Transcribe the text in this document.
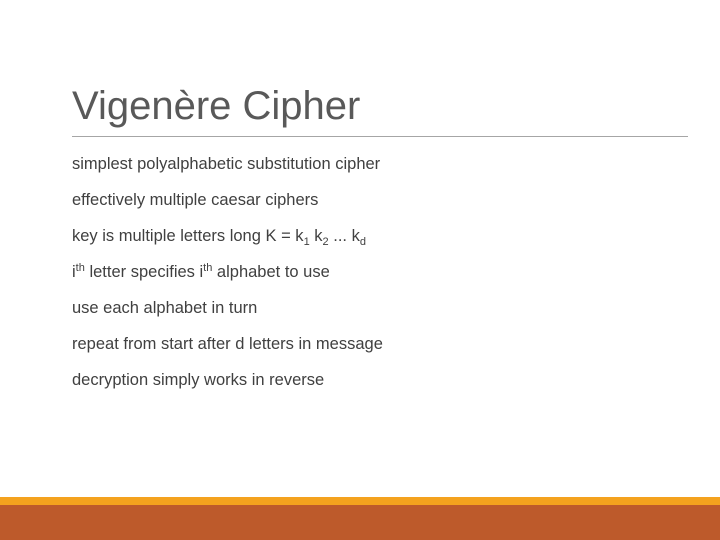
Vigenère Cipher
simplest polyalphabetic substitution cipher
effectively multiple caesar ciphers
key is multiple letters long $K = k_1$ $k_2$ ... $k_d$
$i^{th}$ letter specifies $i^{th}$ alphabet to use
use each alphabet in turn
repeat from start after d letters in message
decryption simply works in reverse
